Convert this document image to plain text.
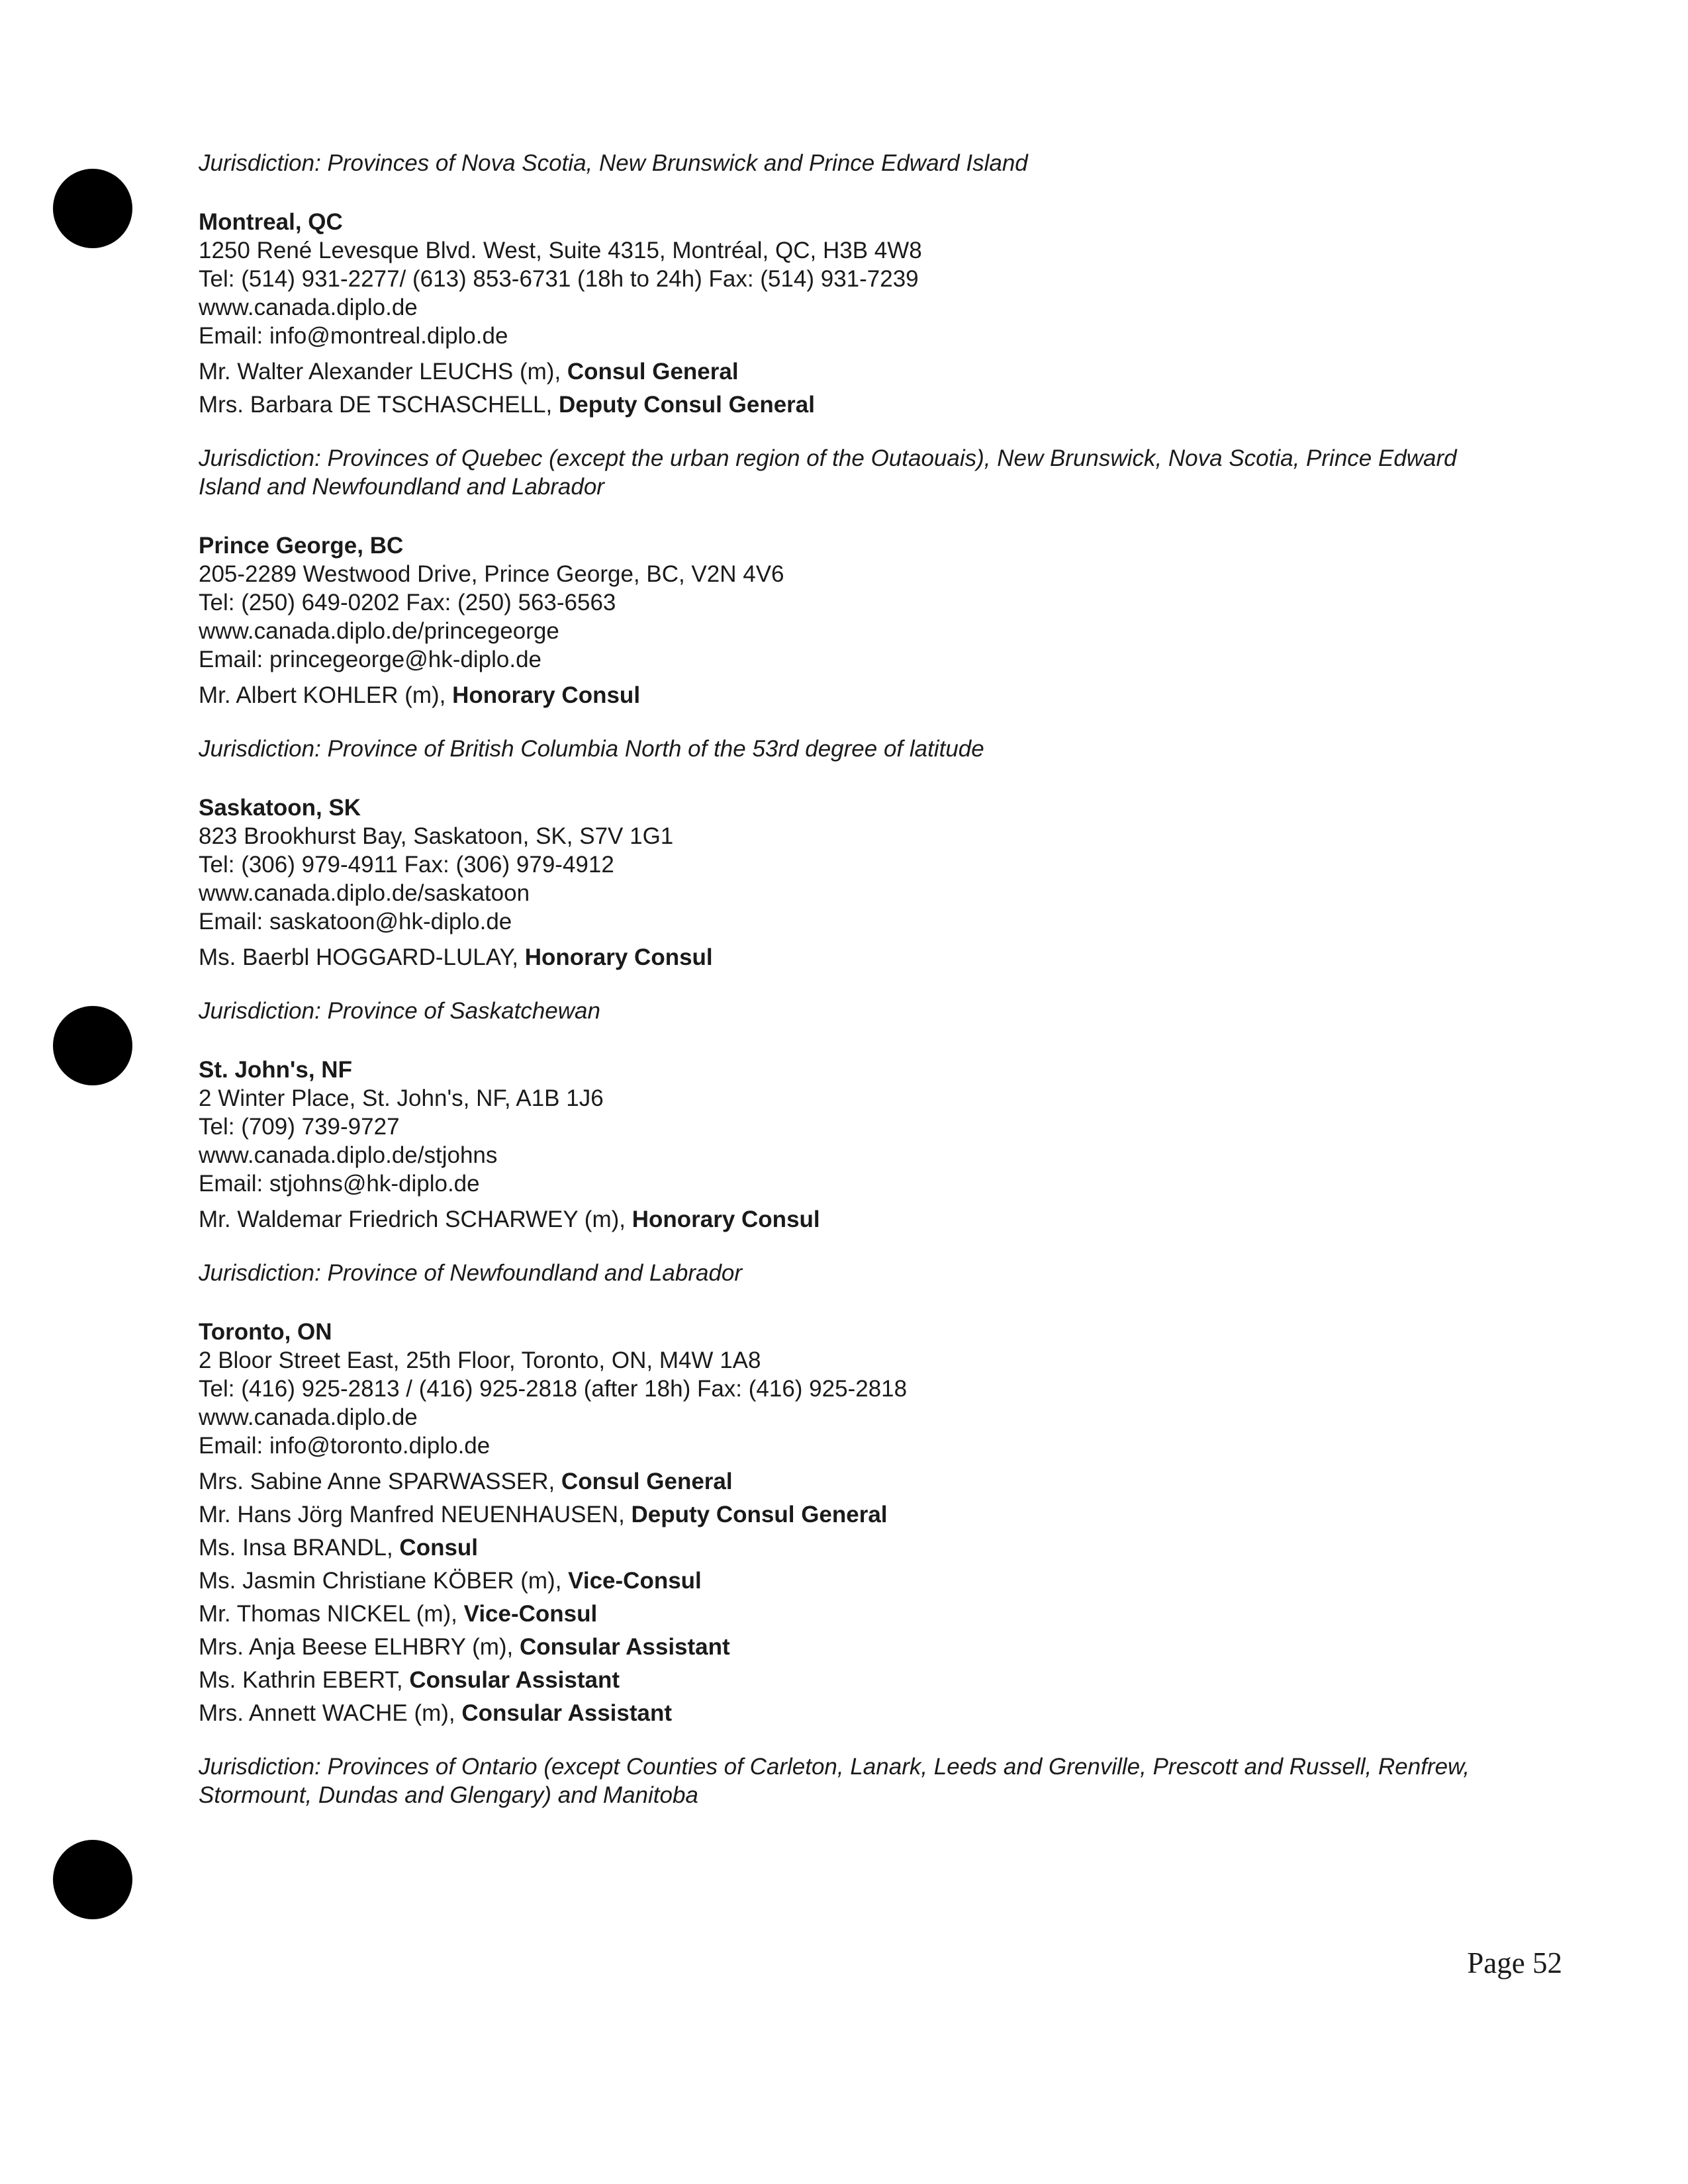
Jurisdiction: Provinces of Nova Scotia, New Brunswick and Prince Edward Island

Montreal, QC

1250 René Levesque Blvd. West, Suite 4315, Montréal, QC, H3B 4W8

Tel: (514) 931-2277/ (613) 853-6731 (18h to 24h) Fax: (514) 931-7239

www.canada.diplo.de

Email: info@montreal.diplo.de

Mr. Walter Alexander LEUCHS (m), Consul General

Mrs. Barbara DE TSCHASCHELL, Deputy Consul General

Jurisdiction: Provinces of Quebec (except the urban region of the Outaouais), New Brunswick, Nova Scotia, Prince Edward Island and Newfoundland and Labrador

Prince George, BC

205-2289 Westwood Drive, Prince George, BC, V2N 4V6

Tel: (250) 649-0202 Fax: (250) 563-6563

www.canada.diplo.de/princegeorge

Email: princegeorge@hk-diplo.de

Mr. Albert KOHLER (m), Honorary Consul

Jurisdiction: Province of British Columbia North of the 53rd degree of latitude

Saskatoon, SK

823 Brookhurst Bay, Saskatoon, SK, S7V 1G1

Tel: (306) 979-4911 Fax: (306) 979-4912

www.canada.diplo.de/saskatoon

Email: saskatoon@hk-diplo.de

Ms. Baerbl HOGGARD-LULAY, Honorary Consul

Jurisdiction: Province of Saskatchewan

St. John's, NF

2 Winter Place, St. John's, NF, A1B 1J6

Tel: (709) 739-9727

www.canada.diplo.de/stjohns

Email: stjohns@hk-diplo.de

Mr. Waldemar Friedrich SCHARWEY (m), Honorary Consul

Jurisdiction: Province of Newfoundland and Labrador

Toronto, ON

2 Bloor Street East, 25th Floor, Toronto, ON, M4W 1A8

Tel: (416) 925-2813 / (416) 925-2818 (after 18h) Fax: (416) 925-2818

www.canada.diplo.de

Email: info@toronto.diplo.de

Mrs. Sabine Anne SPARWASSER, Consul General

Mr. Hans Jörg Manfred NEUENHAUSEN, Deputy Consul General

Ms. Insa BRANDL, Consul

Ms. Jasmin Christiane KÖBER (m), Vice-Consul

Mr. Thomas NICKEL (m), Vice-Consul

Mrs. Anja Beese ELHBRY (m), Consular Assistant

Ms. Kathrin EBERT, Consular Assistant

Mrs. Annett WACHE (m), Consular Assistant

Jurisdiction: Provinces of Ontario (except Counties of Carleton, Lanark, Leeds and Grenville, Prescott and Russell, Renfrew, Stormount, Dundas and Glengary) and Manitoba

Page 52
